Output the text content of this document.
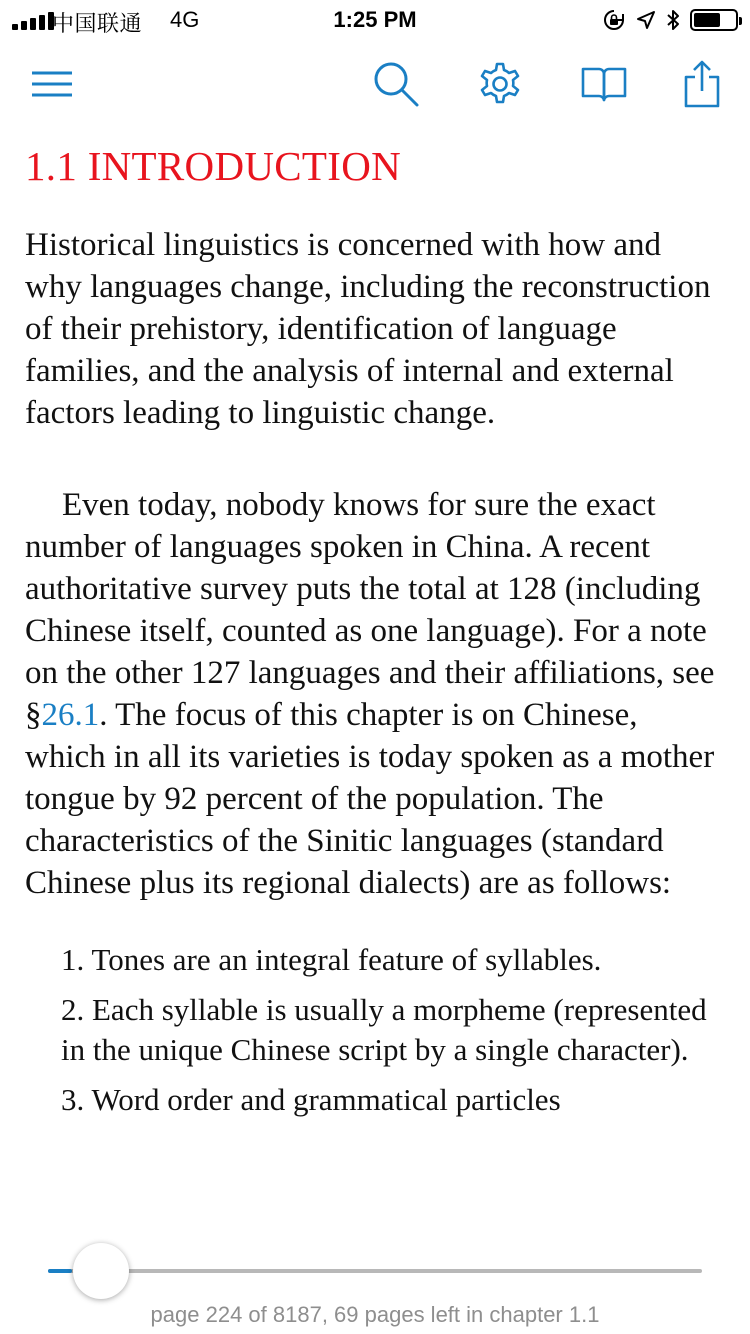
中国联通 4G	1:25 PM
1.1 INTRODUCTION

Historical linguistics is concerned with how and why languages change, including the reconstruction of their prehistory, identification of language families, and the analysis of internal and external factors leading to linguistic change.

Even today, nobody knows for sure the exact number of languages spoken in China. A recent authoritative survey puts the total at 128 (including Chinese itself, counted as one language). For a note on the other 127 languages and their affiliations, see §26.1. The focus of this chapter is on Chinese, which in all its varieties is today spoken as a mother tongue by 92 percent of the population. The characteristics of the Sinitic languages (standard Chinese plus its regional dialects) are as follows:

1. Tones are an integral feature of syllables.
2. Each syllable is usually a morpheme (represented in the unique Chinese script by a single character).
3. Word order and grammatical particles
page 224 of 8187, 69 pages left in chapter 1.1
